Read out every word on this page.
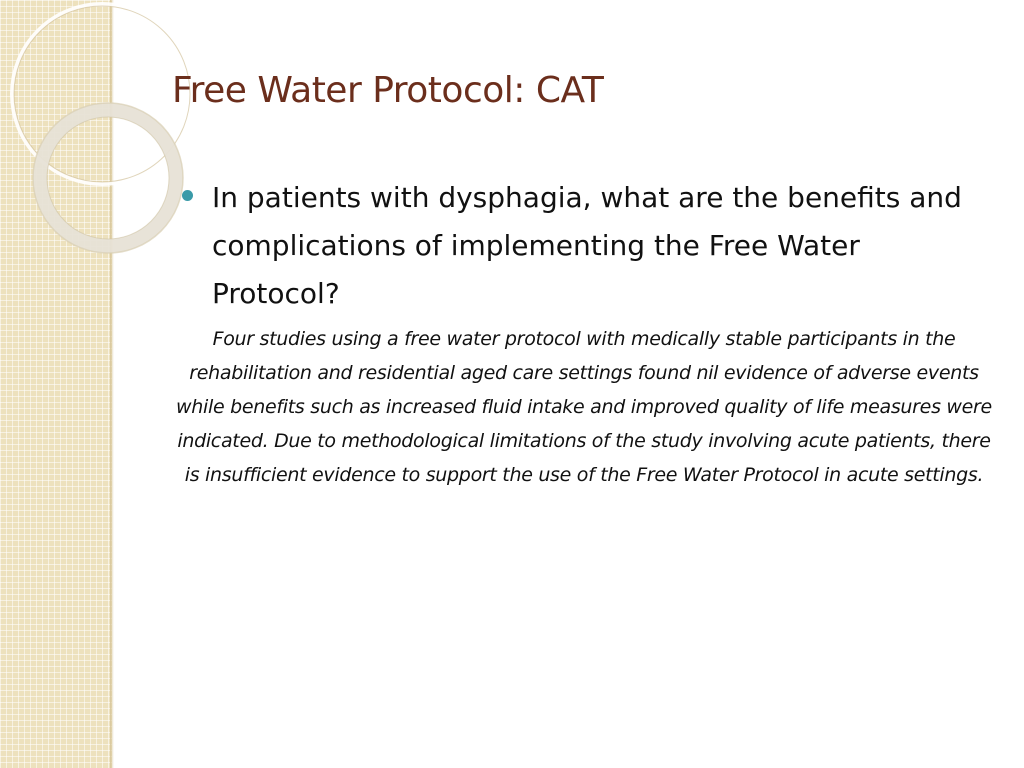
Free Water Protocol: CAT
In patients with dysphagia, what are the benefits and complications of implementing the Free Water Protocol?

Four studies using a free water protocol with medically stable participants in the rehabilitation and residential aged care settings found nil evidence of adverse events while benefits such as increased fluid intake and improved quality of life measures were indicated. Due to methodological limitations of the study involving acute patients, there is insufficient evidence to support the use of the Free Water Protocol in acute settings.
